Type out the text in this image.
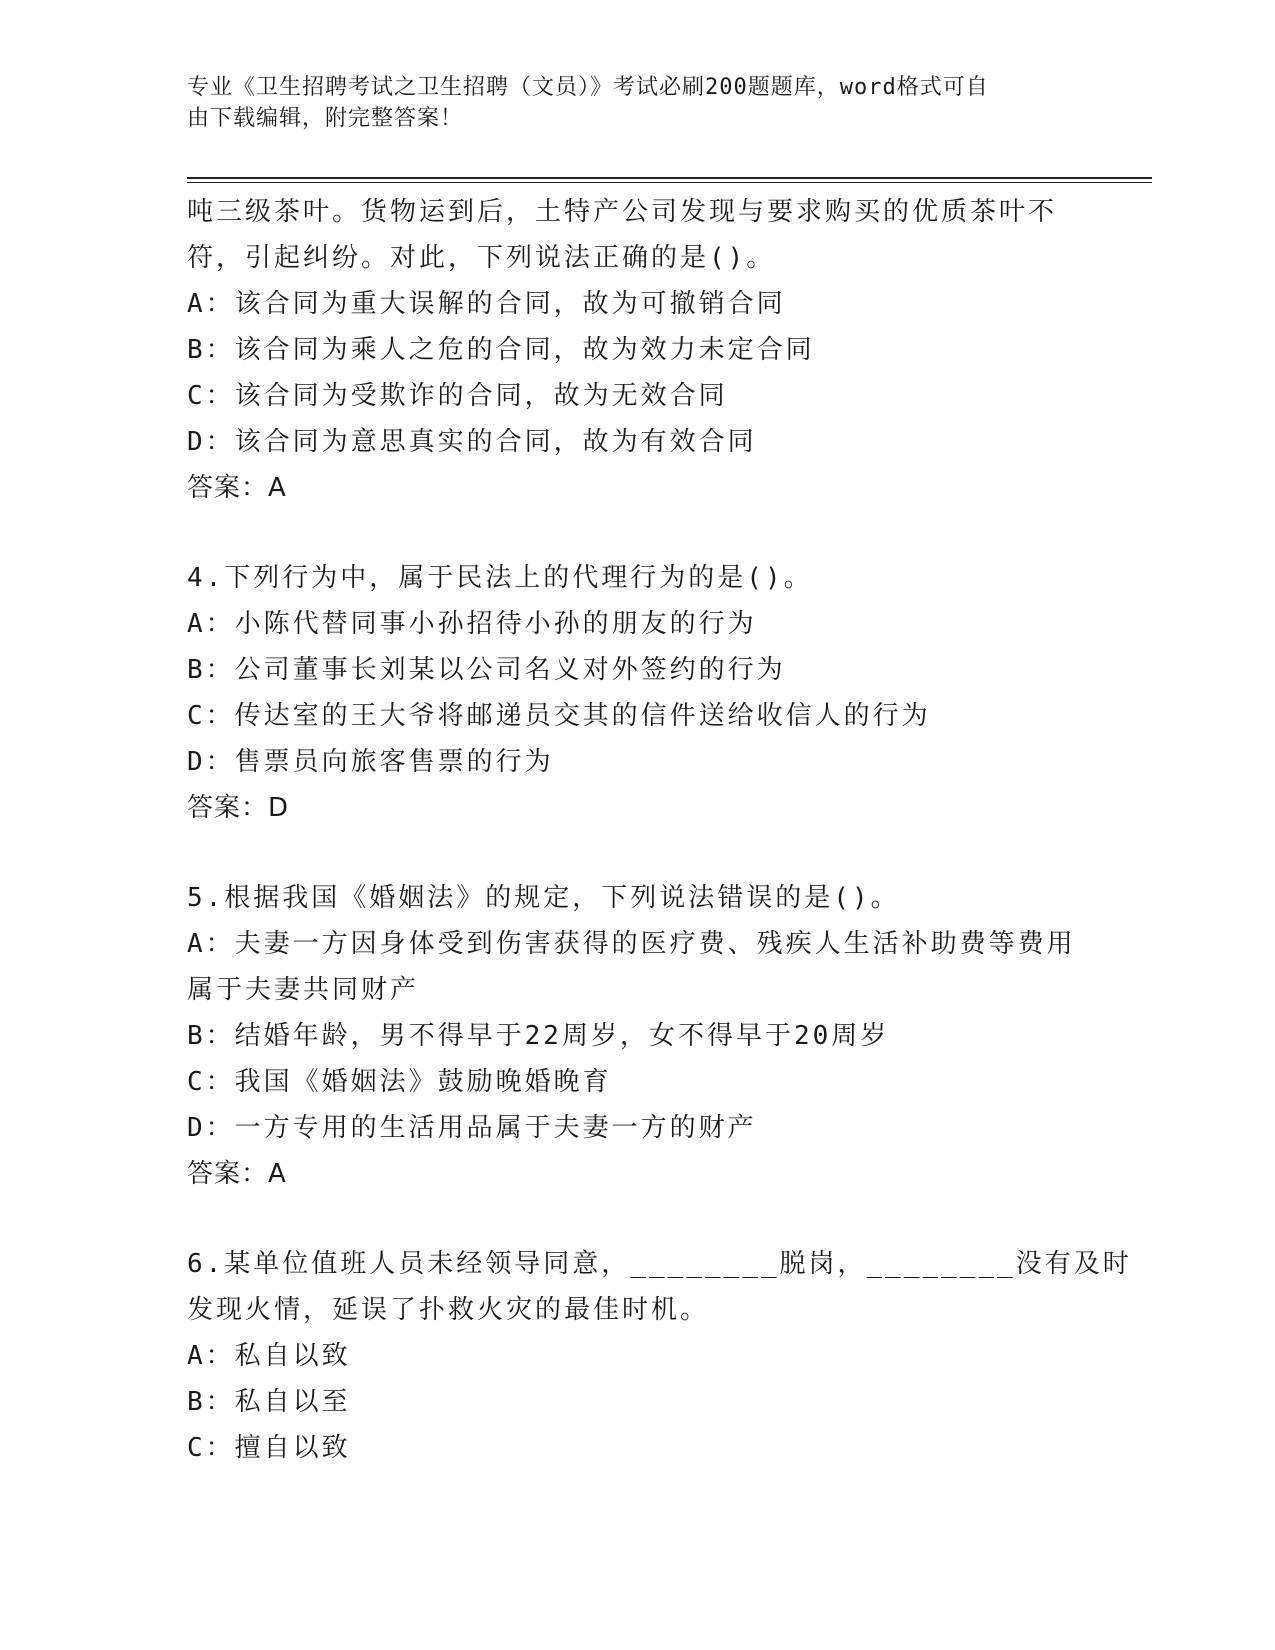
专业《卫生招聘考试之卫生招聘（文员）》考试必刷200题题库，word格式可自
由下载编辑，附完整答案！
吨三级茶叶。货物运到后，土特产公司发现与要求购买的优质茶叶不
符，引起纠纷。对此，下列说法正确的是()。
A：该合同为重大误解的合同，故为可撤销合同
B：该合同为乘人之危的合同，故为效力未定合同
C：该合同为受欺诈的合同，故为无效合同
D：该合同为意思真实的合同，故为有效合同
答案：A
4.下列行为中，属于民法上的代理行为的是()。
A：小陈代替同事小孙招待小孙的朋友的行为
B：公司董事长刘某以公司名义对外签约的行为
C：传达室的王大爷将邮递员交其的信件送给收信人的行为
D：售票员向旅客售票的行为
答案：D
5.根据我国《婚姻法》的规定，下列说法错误的是()。
A：夫妻一方因身体受到伤害获得的医疗费、残疾人生活补助费等费用
属于夫妻共同财产
B：结婚年龄，男不得早于22周岁，女不得早于20周岁
C：我国《婚姻法》鼓励晚婚晚育
D：一方专用的生活用品属于夫妻一方的财产
答案：A
6.某单位值班人员未经领导同意，________脱岗，________没有及时
发现火情，延误了扑救火灾的最佳时机。
A：私自以致
B：私自以至
C：擅自以致
